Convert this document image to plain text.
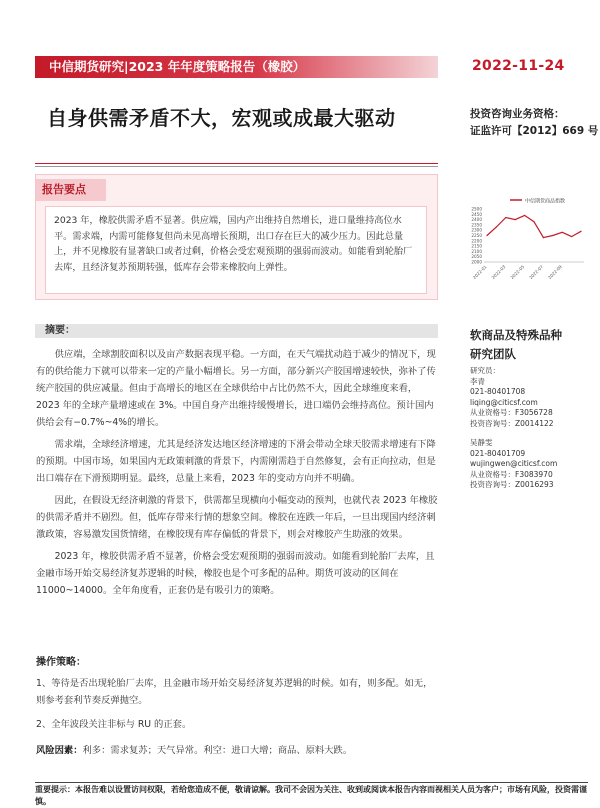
中信期货研究|2023 年年度策略报告（橡胶）	2022-11-24
自身供需矛盾不大，宏观或成最大驱动	投资咨询业务资格：
证监许可【2012】669 号
报告要点
2023 年，橡胶供需矛盾不显著。供应端，国内产出维持自然增长，进口量维持高位水平。需求端，内需可能修复但尚未见高增长预期，出口存在巨大的减少压力。因此总量上，并不见橡胶有显著缺口或者过剩，价格会受宏观预期的强弱而波动。如能看到轮胎厂去库，且经济复苏预期转强，低库存会带来橡胶向上弹性。
中信期货商品指数
2500
2450
2400
2350
2300
2250
2200
2150
2100
2050
2000
2022-01 2022-03 2022-05 2022-07 2022-09
摘要：

供应端，全球割胶面积以及亩产数据表现平稳。一方面，在天气端扰动趋于减少的情况下，现有的供给能力下就可以带来一定的产量小幅增长。另一方面，部分新兴产胶国增速较快，弥补了传统产胶国的供应减量。但由于高增长的地区在全球供给中占比仍然不大，因此全球维度来看，2023 年的全球产量增速或在 3%。中国自身产出维持缓慢增长，进口端仍会维持高位。预计国内供给会有−0.7%~4%的增长。

需求端，全球经济增速，尤其是经济发达地区经济增速的下滑会带动全球天胶需求增速有下降的预期。中国市场，如果国内无政策刺激的背景下，内需刚需趋于自然修复，会有正向拉动，但是出口端存在下滑预期明显。最终，总量上来看，2023 年的变动方向并不明确。

因此，在假设无经济刺激的背景下，供需都呈现横向小幅变动的预判，也就代表 2023 年橡胶的供需矛盾并不剧烈。但，低库存带来行情的想象空间。橡胶在连跌一年后，一旦出现国内经济刺激政策，容易激发国货情绪，在橡胶现有库存偏低的背景下，则会对橡胶产生助涨的效果。

2023 年，橡胶供需矛盾不显著，价格会受宏观预期的强弱而波动。如能看到轮胎厂去库，且金融市场开始交易经济复苏逻辑的时候，橡胶也是个可多配的品种。期货可波动的区间在 11000~14000。全年角度看，正套仍是有吸引力的策略。

操作策略：
1、等待是否出现轮胎厂去库，且金融市场开始交易经济复苏逻辑的时候。如有，则多配。如无，则参考套利节奏反弹抛空。
2、全年波段关注非标与 RU 的正套。
风险因素：利多：需求复苏；天气异常。利空：进口大增；商品、原料大跌。
软商品及特殊品种
研究团队
研究员：
李青
021-80401708
liqing@citicsf.com
从业资格号：F3056728
投资咨询号：Z0014122
吴静雯
021-80401709
wujingwen@citicsf.com
从业资格号：F3083970
投资咨询号：Z0016293
重要提示：本报告难以设置访问权限，若给您造成不便，敬请谅解。我司不会因为关注、收到或阅读本报告内容而视相关人员为客户；市场有风险，投资需谨慎。
